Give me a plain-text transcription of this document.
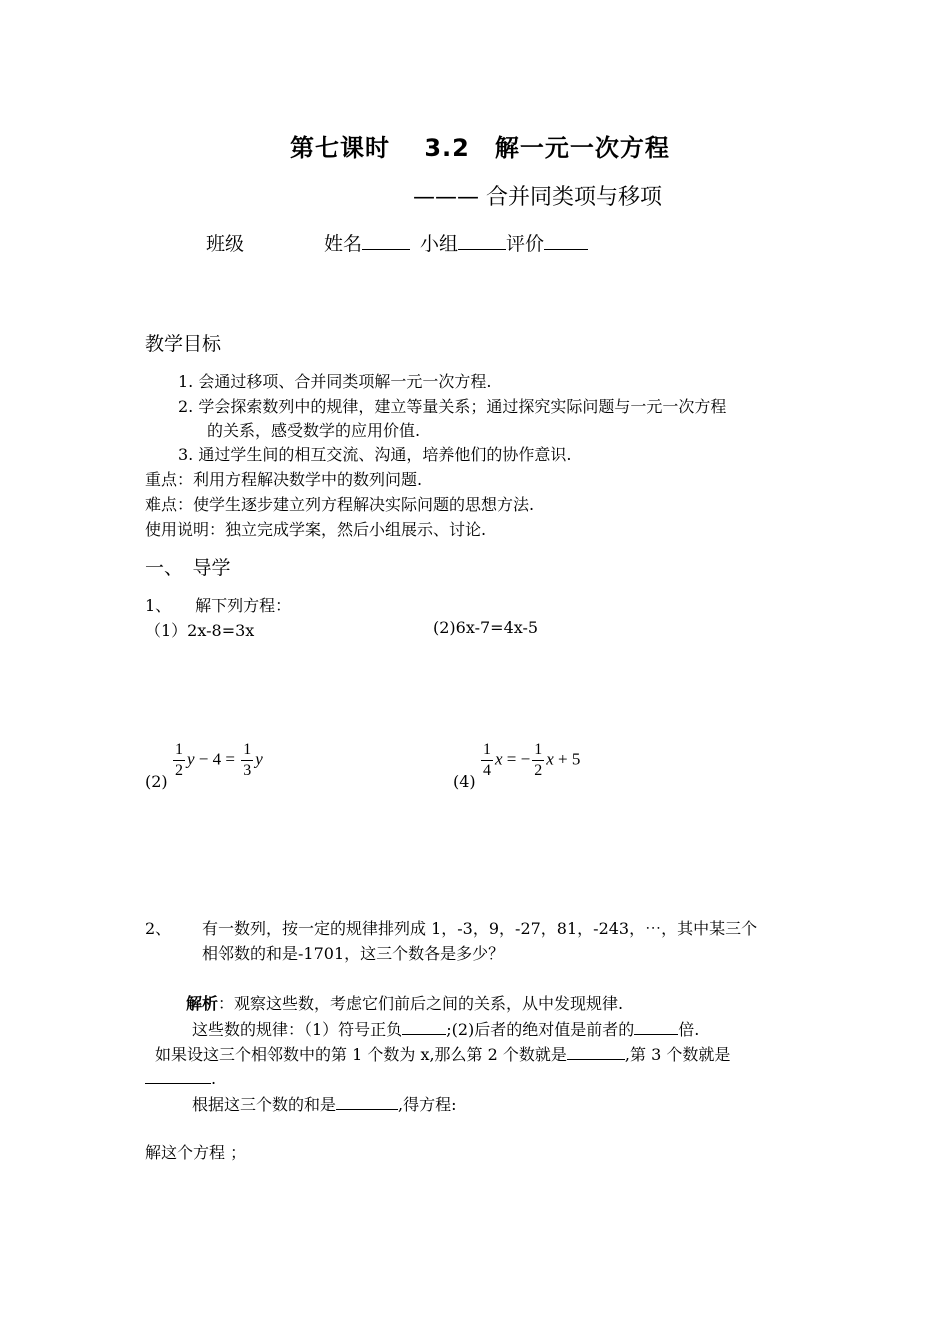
第七课时　 3.2　解一元一次方程
——— 合并同类项与移项
班级	姓名	小组	评价
教学目标
1. 会通过移项、合并同类项解一元一次方程.
2. 学会探索数列中的规律，建立等量关系；通过探究实际问题与一元一次方程
的关系，感受数学的应用价值.
3. 通过学生间的相互交流、沟通，培养他们的协作意识.
重点：利用方程解决数学中的数列问题.
难点：使学生逐步建立列方程解决实际问题的思想方法.
使用说明：独立完成学案，然后小组展示、讨论.
一、　导学
1、　　解下列方程：
（1）2x-8=3x	(2)6x-7=4x-5
(2)
$\frac{1}{2}$ $y - 4 = \frac{1}{3}$ y
(4)
$\frac{1}{4}$ x = − $\frac{1}{2}$ x + 5
2、 有一数列，按一定的规律排列成 1，-3，9，-27，81，-243，⋯，其中某三个
相邻数的和是-1701，这三个数各是多少？
解析：观察这些数，考虑它们前后之间的关系，从中发现规律.
这些数的规律：（1）符号正负	;(2)后者的绝对值是前者的	倍.
如果设这三个相邻数中的第 1 个数为 x,那么第 2 个数就是	,第 3 个数就是
.
根据这三个数的和是	,得方程:
解这个方程 ；
